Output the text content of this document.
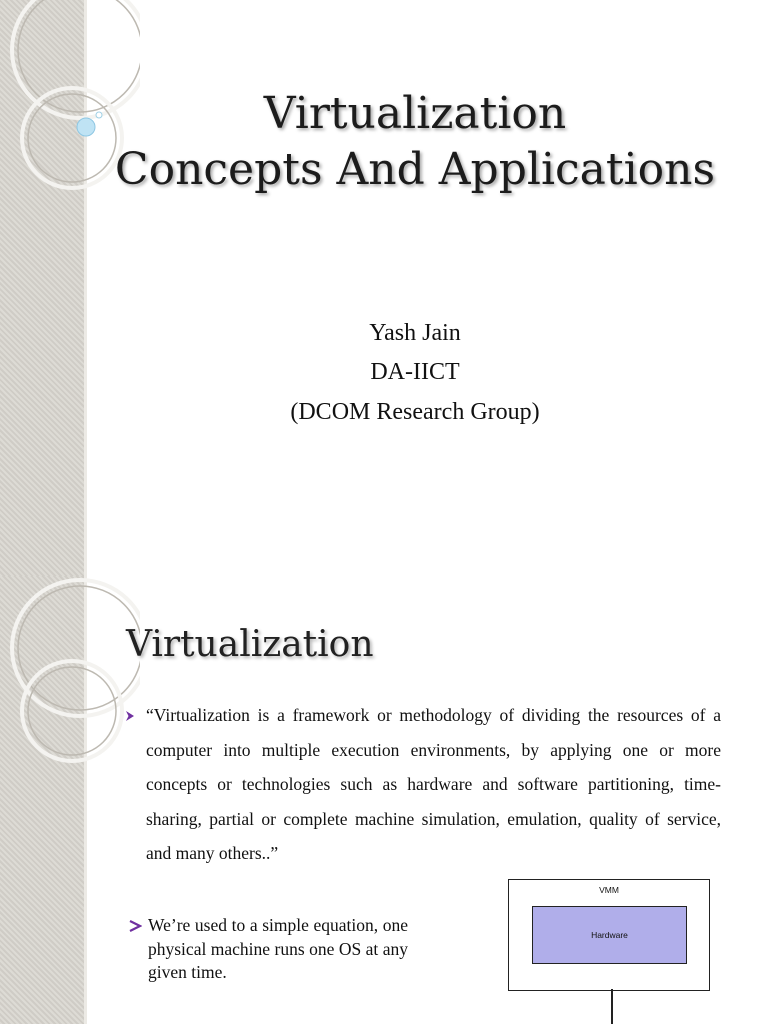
Virtualization
Concepts And Applications
Yash Jain
DA-IICT
(DCOM Research Group)
Virtualization
“Virtualization is a framework or methodology of dividing the resources of a computer into multiple execution environments, by applying one or more concepts or technologies such as hardware and software partitioning, time-sharing, partial or complete machine simulation, emulation, quality of service, and many others..”
We’re used to a simple equation, one physical machine runs one OS at any given time.
VMM
Hardware
